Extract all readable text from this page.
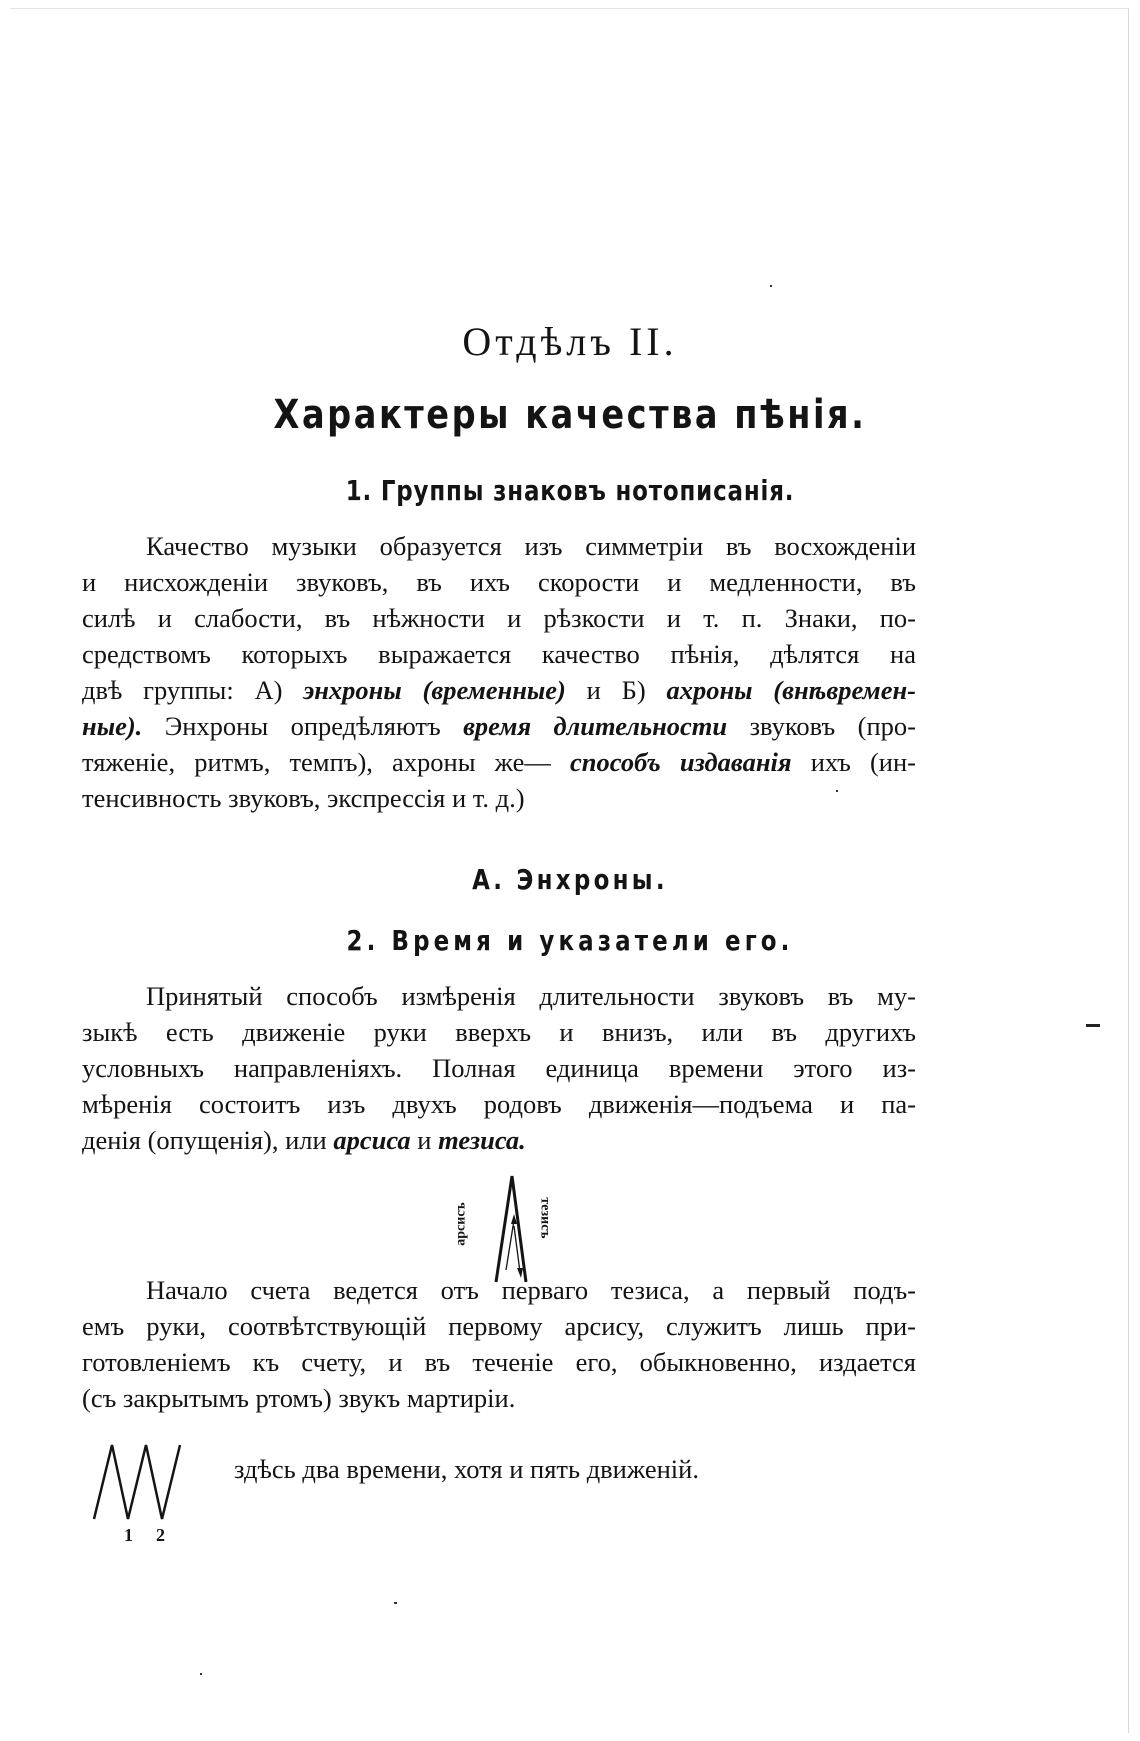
Отдѣлъ II.
Характеры качества пѣнія.
1. Группы знаковъ нотописанія.
Качество музыки образуется изъ симметріи въ восхожденіи
и нисхожденіи звуковъ, въ ихъ скорости и медленности, въ
силѣ и слабости, въ нѣжности и рѣзкости и т. п. Знаки, по-
средствомъ которыхъ выражается качество пѣнія, дѣлятся на
двѣ группы: А) энхроны (временные) и Б) ахроны (внѣвремен-
ные). Энхроны опредѣляютъ время длительности звуковъ (про-
тяженіе, ритмъ, темпъ), ахроны же— способъ издаванія ихъ (ин-
тенсивность звуковъ, экспрессія и т. д.)
А. Энхроны.
2. Время и указатели его.
Принятый способъ измѣренія длительности звуковъ въ му-
зыкѣ есть движеніе руки вверхъ и внизъ, или въ другихъ
условныхъ направленіяхъ. Полная единица времени этого из-
мѣренія состоитъ изъ двухъ родовъ движенія—подъема и па-
денія (опущенія), или арсиса и тезиса.
арсисъ	тезисъ
Начало счета ведется отъ перваго тезиса, а первый подъ-
емъ руки, соотвѣтствующій первому арсису, служитъ лишь при-
готовленіемъ къ счету, и въ теченіе его, обыкновенно, издается
(съ закрытымъ ртомъ) звукъ мартиріи.
1 2
здѣсь два времени, хотя и пять движеній.
